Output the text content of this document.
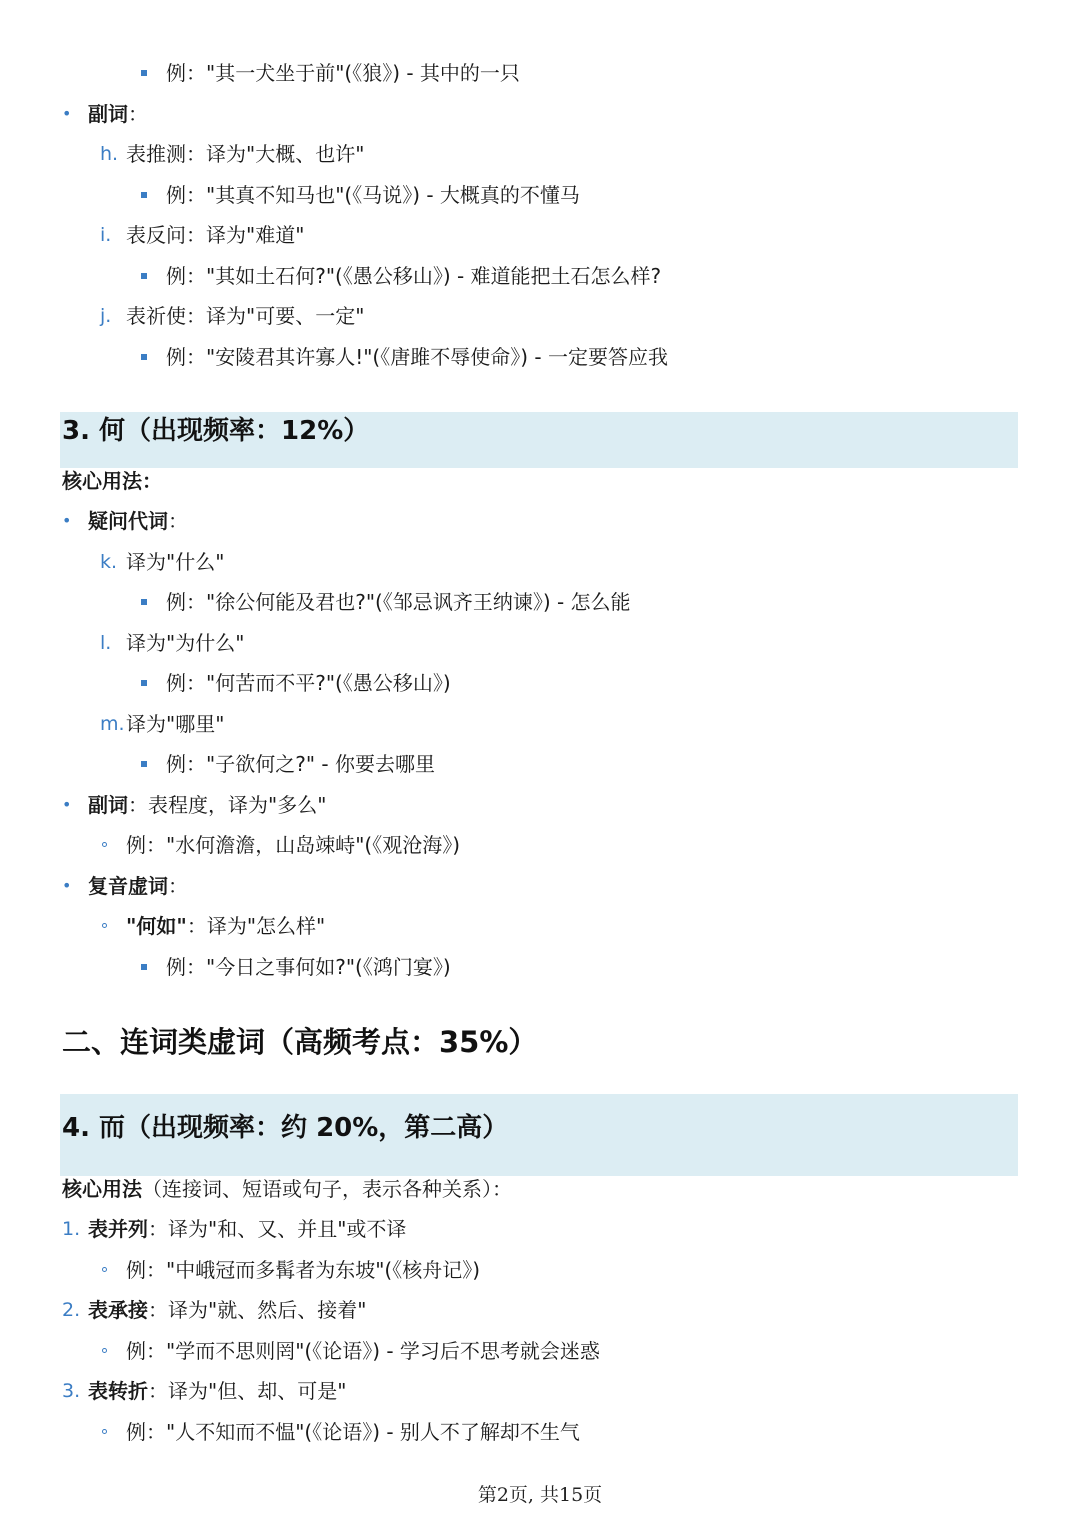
例： "其一犬坐于前"(《狼》) - 其中的一只
• 副词：
h. 表推测：译为"大概、也许"
例： "其真不知马也"(《马说》) - 大概真的不懂马
i. 表反问：译为"难道"
例： "其如土石何?"(《愚公移山》) - 难道能把土石怎么样?
j. 表祈使：译为"可要、一定"
例： "安陵君其许寡人!"(《唐雎不辱使命》) - 一定要答应我
3. 何（出现频率：12%）
核心用法：
• 疑问代词：
k. 译为"什么"
例： "徐公何能及君也?"(《邹忌讽齐王纳谏》) - 怎么能
l. 译为"为什么"
例： "何苦而不平?"(《愚公移山》)
m. 译为"哪里"
例： "子欲何之?" - 你要去哪里
• 副词：表程度，译为"多么"
例： "水何澹澹，山岛竦峙"(《观沧海》)
• 复音虚词：
"何如"：译为"怎么样"
例： "今日之事何如?"(《鸿门宴》)
二、连词类虚词（高频考点：35%）
4. 而（出现频率：约 20%，第二高）
核心用法（连接词、短语或句子，表示各种关系）：
1. 表并列：译为"和、又、并且"或不译
例： "中峨冠而多髯者为东坡"(《核舟记》)
2. 表承接：译为"就、然后、接着"
例： "学而不思则罔"(《论语》) - 学习后不思考就会迷惑
3. 表转折：译为"但、却、可是"
例： "人不知而不愠"(《论语》) - 别人不了解却不生气
第2页, 共15页
